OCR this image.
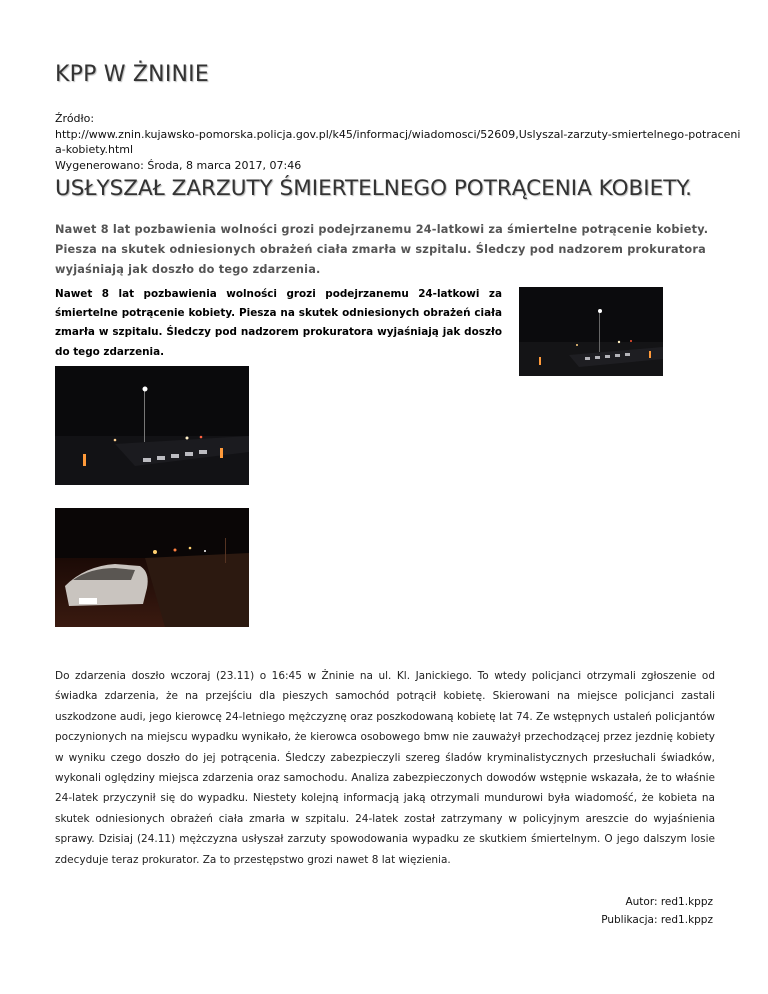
KPP W ŻNINIE
Źródło:
http://www.znin.kujawsko-pomorska.policja.gov.pl/k45/informacj/wiadomosci/52609,Uslyszal-zarzuty-smiertelnego-potraceni
a-kobiety.html
Wygenerowano: Środa, 8 marca 2017, 07:46
USŁYSZAŁ ZARZUTY ŚMIERTELNEGO POTRĄCENIA KOBIETY.
Nawet 8 lat pozbawienia wolności grozi podejrzanemu 24-latkowi za śmiertelne potrącenie kobiety. Piesza na skutek odniesionych obrażeń ciała zmarła w szpitalu. Śledczy pod nadzorem prokuratora wyjaśniają jak doszło do tego zdarzenia.
Nawet 8 lat pozbawienia wolności grozi podejrzanemu 24-latkowi za śmiertelne potrącenie kobiety. Piesza na skutek odniesionych obrażeń ciała zmarła w szpitalu. Śledczy pod nadzorem prokuratora wyjaśniają jak doszło do tego zdarzenia.
Do zdarzenia doszło wczoraj (23.11) o 16:45 w Żninie na ul. Kl. Janickiego. To wtedy policjanci otrzymali zgłoszenie od świadka zdarzenia, że na przejściu dla pieszych samochód potrącił kobietę. Skierowani na miejsce policjanci zastali uszkodzone audi, jego kierowcę 24-letniego mężczyznę oraz poszkodowaną kobietę lat 74. Ze wstępnych ustaleń policjantów poczynionych na miejscu wypadku wynikało, że kierowca osobowego bmw nie zauważył przechodzącej przez jezdnię kobiety w wyniku czego doszło do jej potrącenia. Śledczy zabezpieczyli szereg śladów kryminalistycznych przesłuchali świadków, wykonali oględziny miejsca zdarzenia oraz samochodu. Analiza zabezpieczonych dowodów wstępnie wskazała, że to właśnie 24-latek przyczynił się do wypadku. Niestety kolejną informacją jaką otrzymali mundurowi była wiadomość, że kobieta na skutek odniesionych obrażeń ciała zmarła w szpitalu. 24-latek został zatrzymany w policyjnym areszcie do wyjaśnienia sprawy. Dzisiaj (24.11) mężczyzna usłyszał zarzuty spowodowania wypadku ze skutkiem śmiertelnym. O jego dalszym losie zdecyduje teraz prokurator. Za to przestępstwo grozi nawet 8 lat więzienia.
Autor: red1.kppz
Publikacja: red1.kppz
